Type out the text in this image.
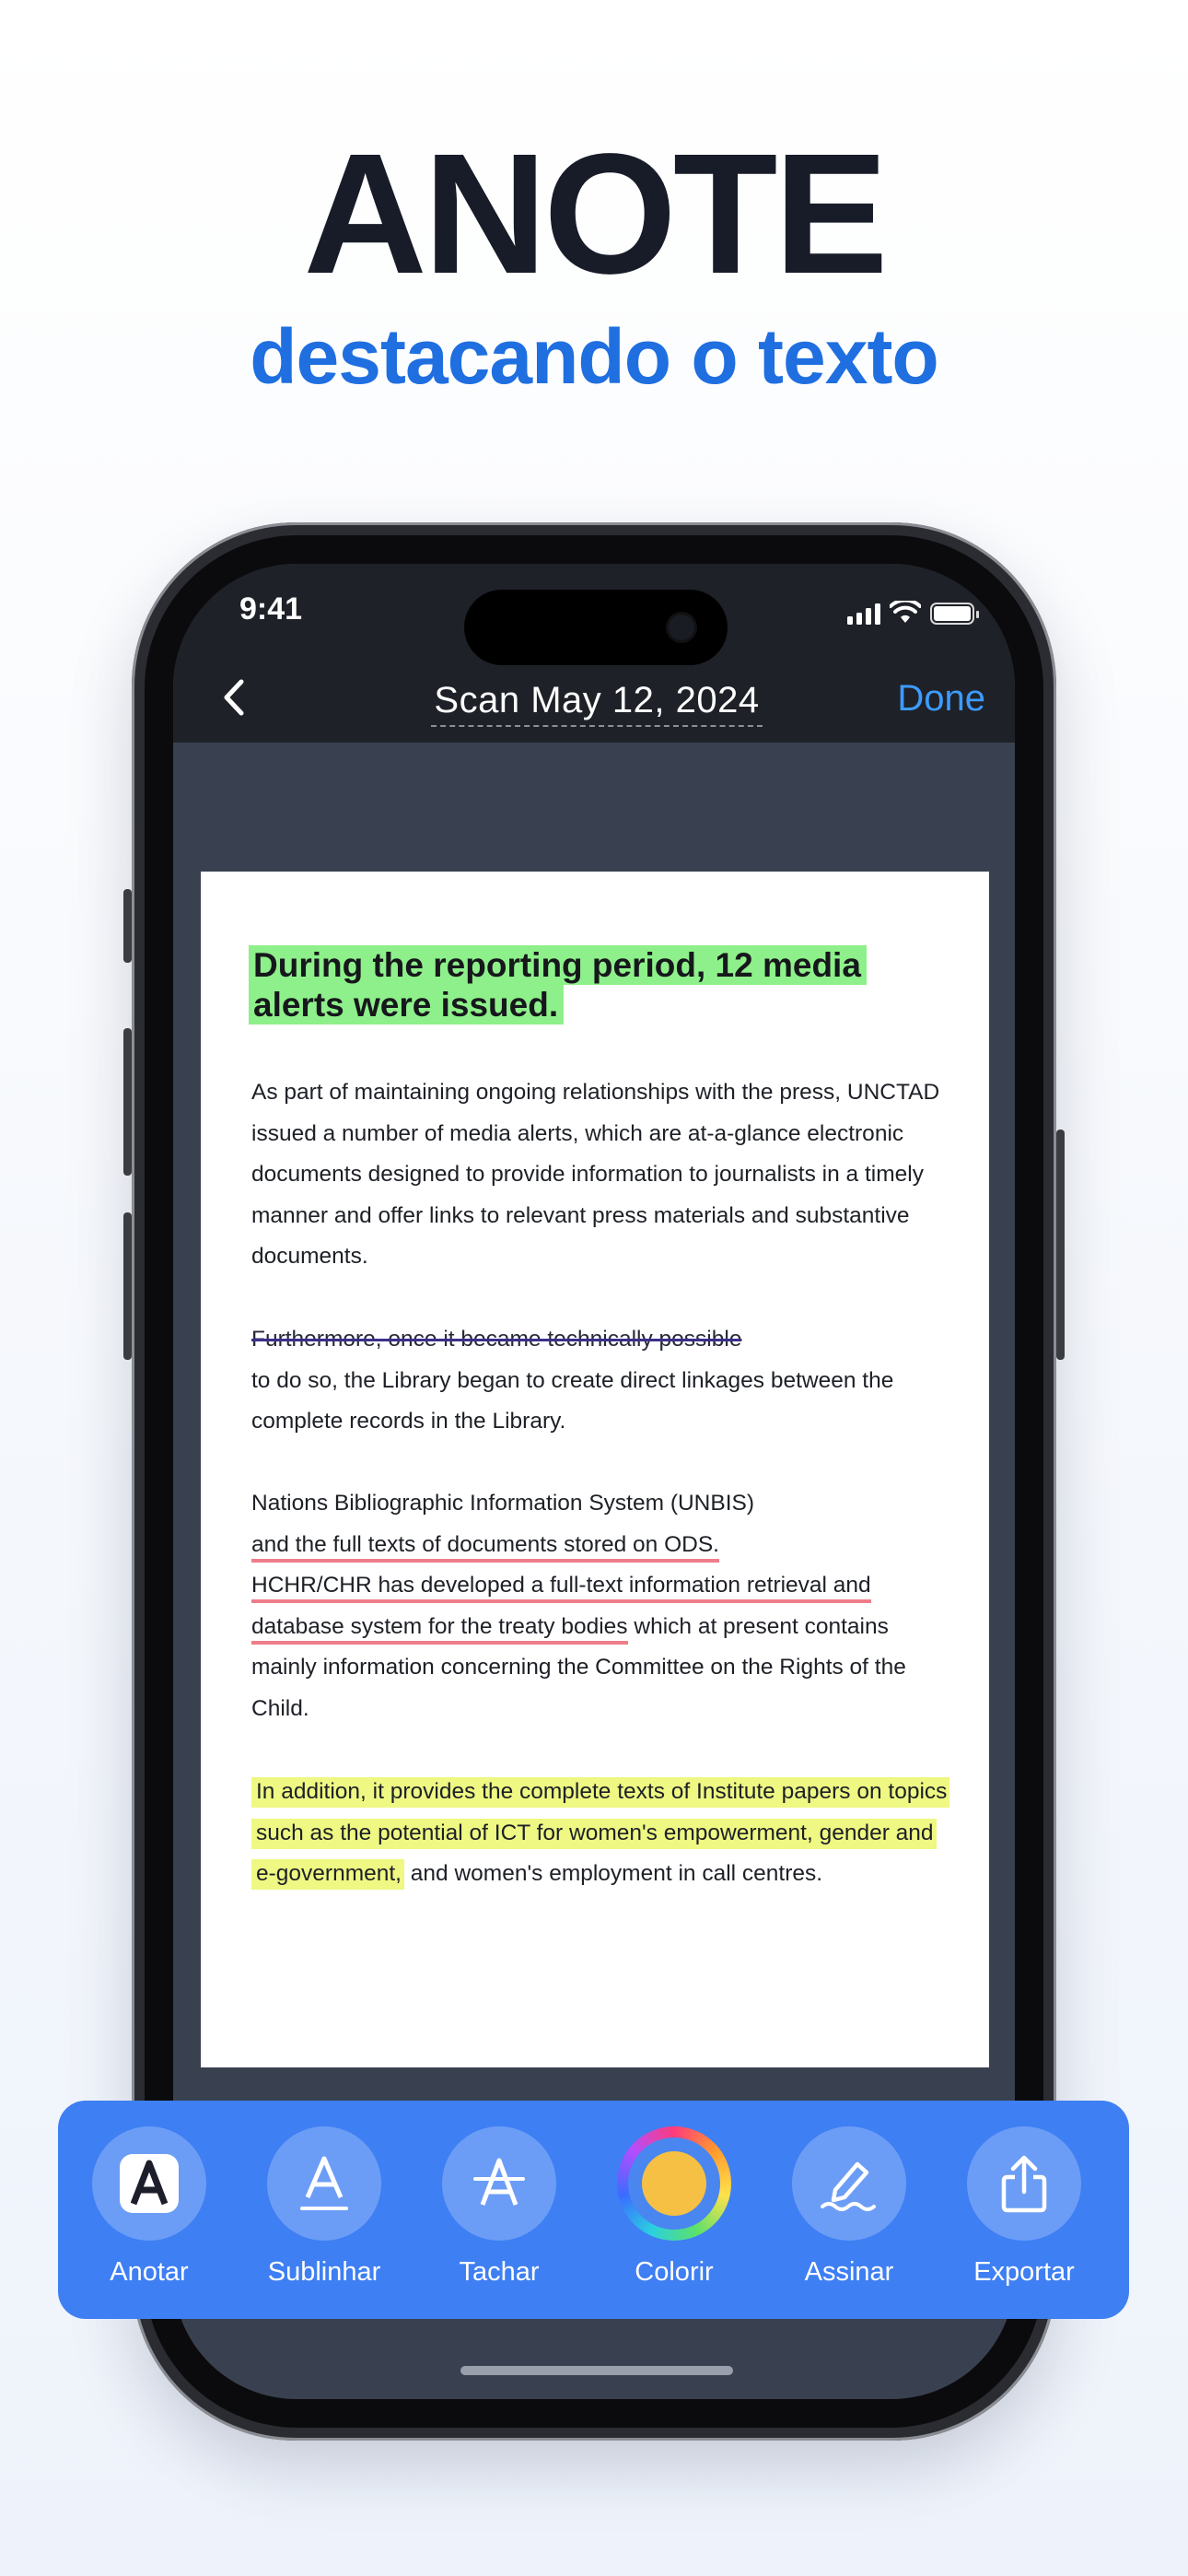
ANOTE
destacando o texto
9:41
Scan May 12, 2024	Done
During the reporting period, 12 media alerts were issued.
As part of maintaining ongoing relationships with the press, UNCTAD issued a number of media alerts, which are at-a-glance electronic documents designed to provide information to journalists in a timely manner and offer links to relevant press materials and substantive documents.
Furthermore, once it became technically possible
to do so, the Library began to create direct linkages between the complete records in the Library.
Nations Bibliographic Information System (UNBIS)
and the full texts of documents stored on ODS.
HCHR/CHR has developed a full-text information retrieval and database system for the treaty bodies which at present contains mainly information concerning the Committee on the Rights of the Child.
In addition, it provides the complete texts of Institute papers on topics such as the potential of ICT for women's empowerment, gender and e-government, and women's employment in call centres.
Anotar	Sublinhar	Tachar	Colorir	Assinar	Exportar
